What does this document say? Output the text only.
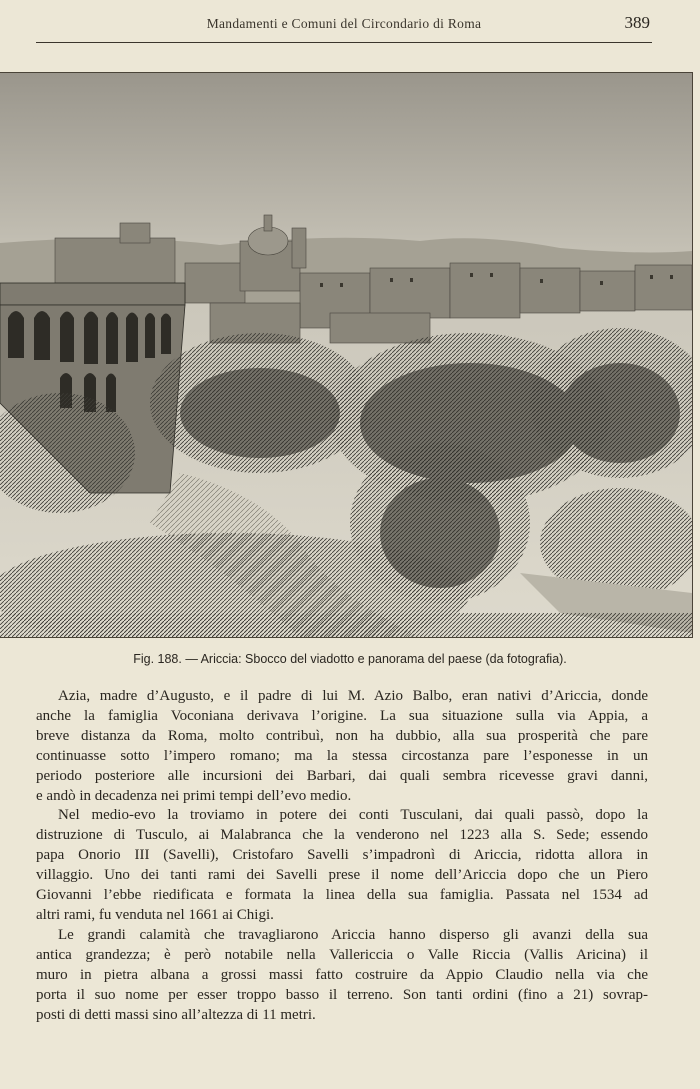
Mandamenti e Comuni del Circondario di Roma	389
Fig. 188. — Ariccia: Sbocco del viadotto e panorama del paese (da fotografia).

Azia, madre d’Augusto, e il padre di lui M. Azio Balbo, eran nativi d’Ariccia, donde
anche la famiglia Voconiana derivava l’origine. La sua situazione sulla via Appia, a
breve distanza da Roma, molto contribuì, non ha dubbio, alla sua prosperità che pare
continuasse sotto l’impero romano; ma la stessa circostanza pare l’esponesse in un
periodo posteriore alle incursioni dei Barbari, dai quali sembra ricevesse gravi danni,
e andò in decadenza nei primi tempi dell’evo medio.

Nel medio-evo la troviamo in potere dei conti Tusculani, dai quali passò, dopo la
distruzione di Tusculo, ai Malabranca che la venderono nel 1223 alla S. Sede; essendo
papa Onorio III (Savelli), Cristofaro Savelli s’impadronì di Ariccia, ridotta allora in
villaggio. Uno dei tanti rami dei Savelli prese il nome dell’Ariccia dopo che un Piero
Giovanni l’ebbe riedificata e formata la linea della sua famiglia. Passata nel 1534 ad
altri rami, fu venduta nel 1661 ai Chigi.

Le grandi calamità che travagliarono Ariccia hanno disperso gli avanzi della sua
antica grandezza; è però notabile nella Vallericcia o Valle Riccia (Vallis Aricina) il
muro in pietra albana a grossi massi fatto costruire da Appio Claudio nella via che
porta il suo nome per esser troppo basso il terreno. Son tanti ordini (fino a 21) sovrap-
posti di detti massi sino all’altezza di 11 metri.
